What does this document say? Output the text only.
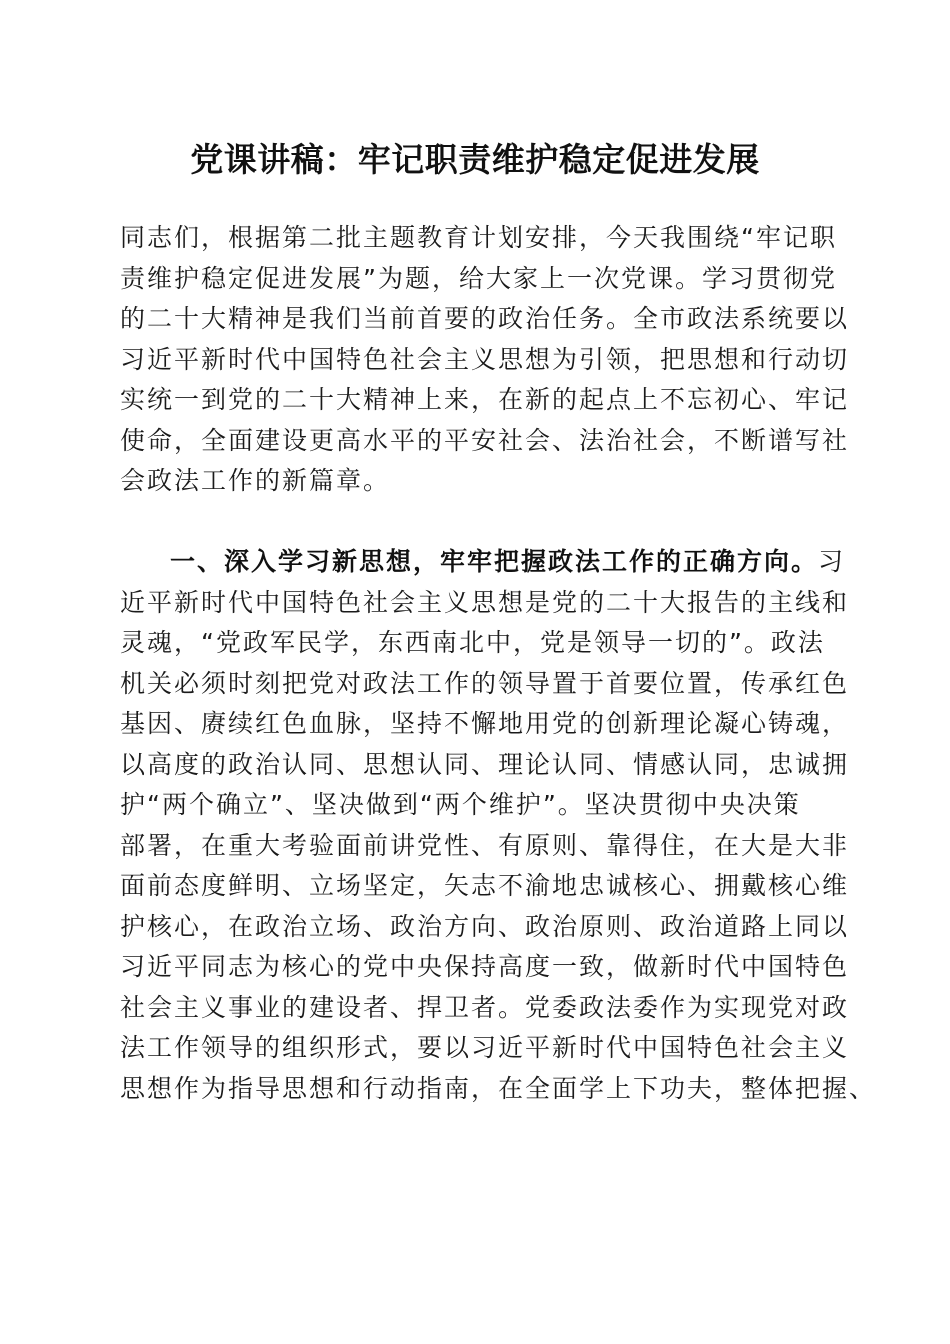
党课讲稿：牢记职责维护稳定促进发展
同志们，根据第二批主题教育计划安排，今天我围绕“牢记职
责维护稳定促进发展”为题，给大家上一次党课。学习贯彻党
的二十大精神是我们当前首要的政治任务。全市政法系统要以
习近平新时代中国特色社会主义思想为引领，把思想和行动切
实统一到党的二十大精神上来，在新的起点上不忘初心、牢记
使命，全面建设更高水平的平安社会、法治社会，不断谱写社
会政法工作的新篇章。
一、深入学习新思想，牢牢把握政法工作的正确方向。习
近平新时代中国特色社会主义思想是党的二十大报告的主线和
灵魂，“党政军民学，东西南北中，党是领导一切的”。政法
机关必须时刻把党对政法工作的领导置于首要位置，传承红色
基因、赓续红色血脉，坚持不懈地用党的创新理论凝心铸魂，
以高度的政治认同、思想认同、理论认同、情感认同，忠诚拥
护“两个确立”、坚决做到“两个维护”。坚决贯彻中央决策
部署，在重大考验面前讲党性、有原则、靠得住，在大是大非
面前态度鲜明、立场坚定，矢志不渝地忠诚核心、拥戴核心维
护核心，在政治立场、政治方向、政治原则、政治道路上同以
习近平同志为核心的党中央保持高度一致，做新时代中国特色
社会主义事业的建设者、捍卫者。党委政法委作为实现党对政
法工作领导的组织形式，要以习近平新时代中国特色社会主义
思想作为指导思想和行动指南，在全面学上下功夫，整体把握、
